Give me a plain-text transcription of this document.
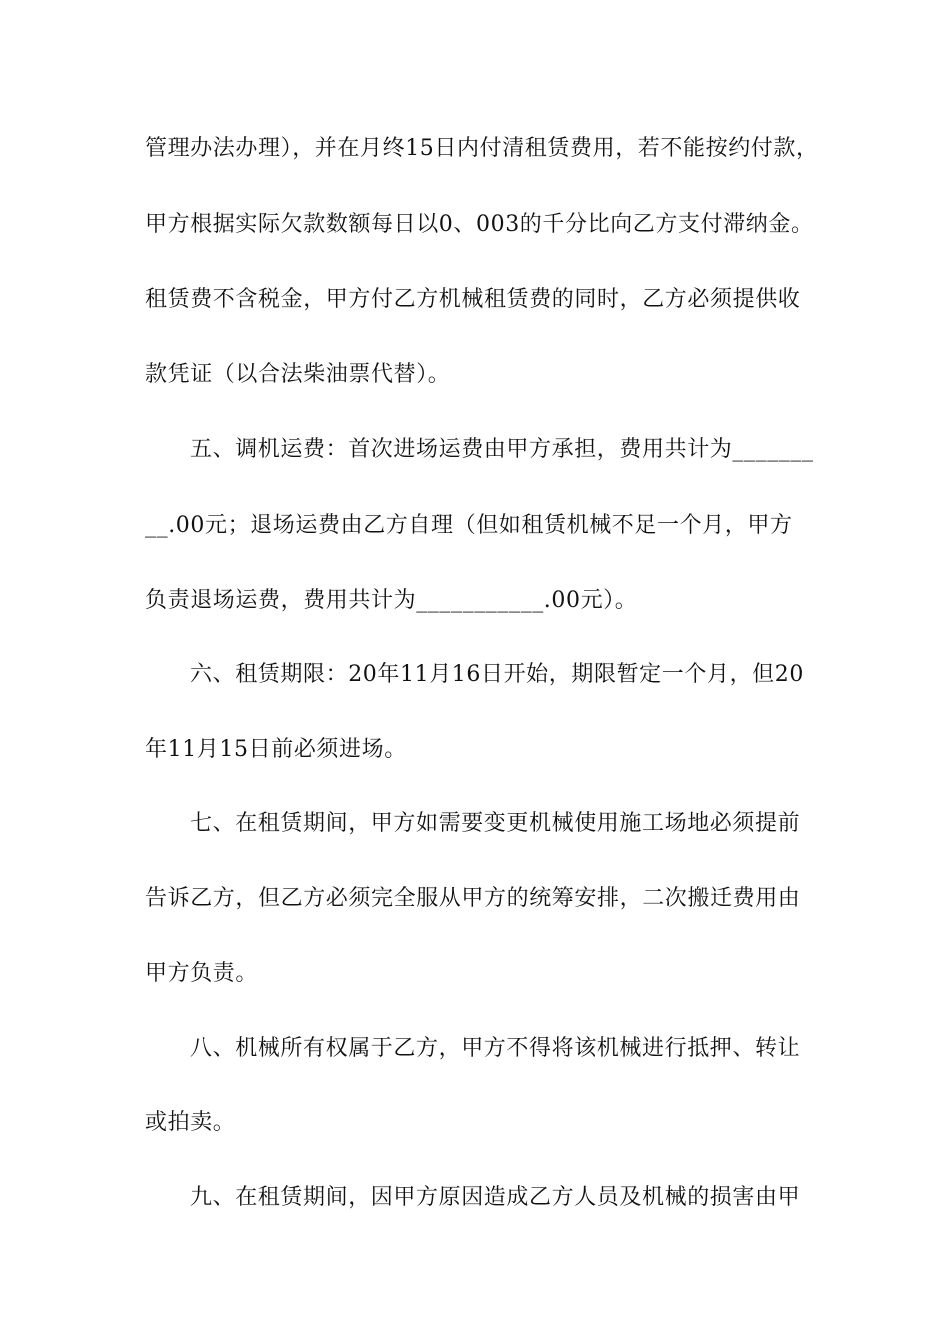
管理办法办理），并在月终15日内付清租赁费用，若不能按约付款，
甲方根据实际欠款数额每日以0、003的千分比向乙方支付滞纳金。
租赁费不含税金，甲方付乙方机械租赁费的同时，乙方必须提供收
款凭证（以合法柴油票代替）。
五、调机运费：首次进场运费由甲方承担，费用共计为_______
__.00元；退场运费由乙方自理（但如租赁机械不足一个月，甲方
负责退场运费，费用共计为___________.00元）。
六、租赁期限：20年11月16日开始，期限暂定一个月，但20
年11月15日前必须进场。
七、在租赁期间，甲方如需要变更机械使用施工场地必须提前
告诉乙方，但乙方必须完全服从甲方的统筹安排，二次搬迁费用由
甲方负责。
八、机械所有权属于乙方，甲方不得将该机械进行抵押、转让
或拍卖。
九、在租赁期间，因甲方原因造成乙方人员及机械的损害由甲
